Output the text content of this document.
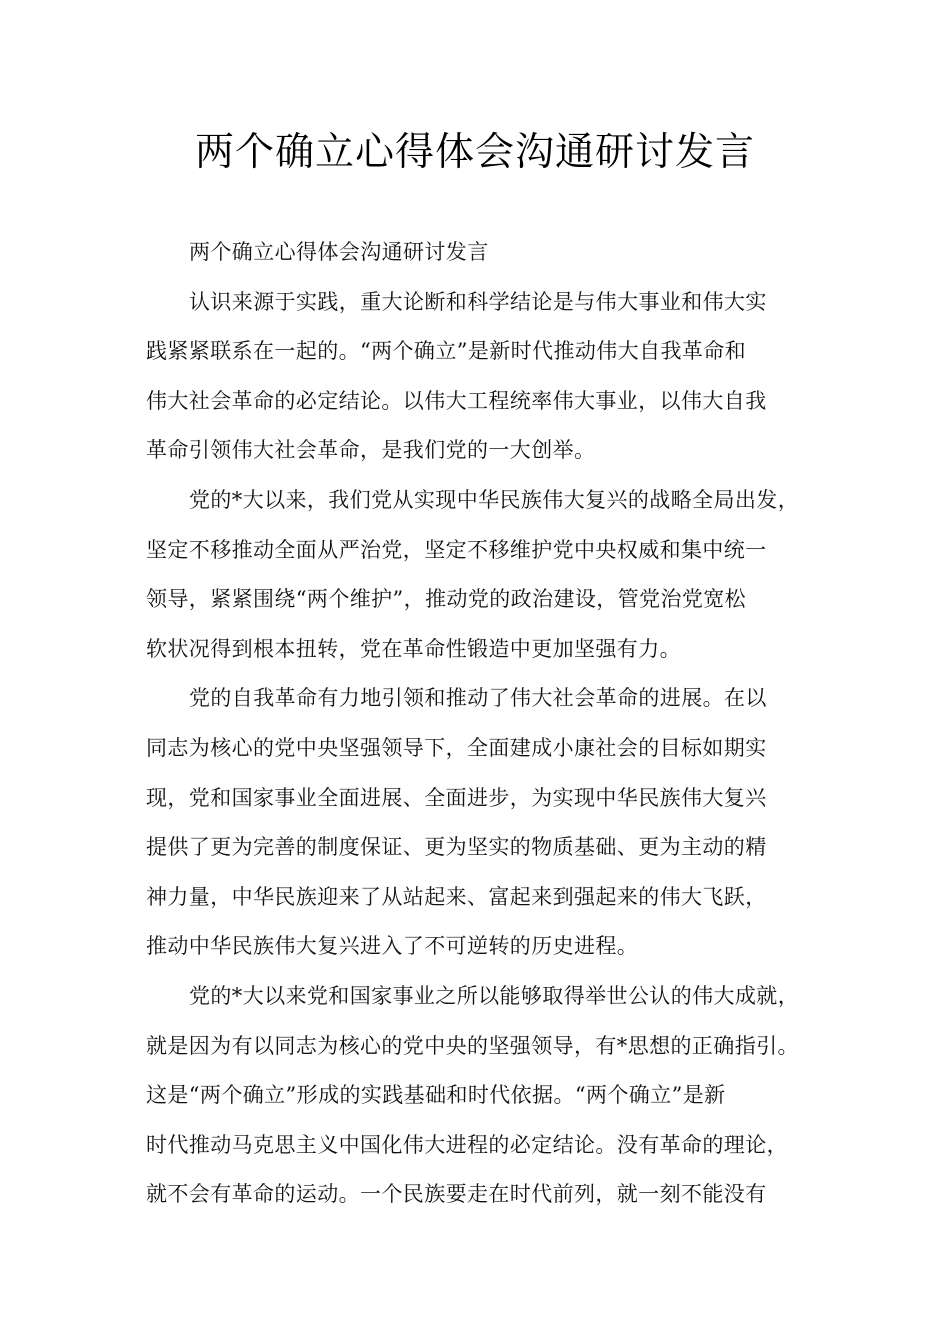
两个确立心得体会沟通研讨发言
两个确立心得体会沟通研讨发言
认识来源于实践，重大论断和科学结论是与伟大事业和伟大实
践紧紧联系在一起的。“两个确立”是新时代推动伟大自我革命和
伟大社会革命的必定结论。以伟大工程统率伟大事业，以伟大自我
革命引领伟大社会革命，是我们党的一大创举。
党的*大以来，我们党从实现中华民族伟大复兴的战略全局出发，
坚定不移推动全面从严治党，坚定不移维护党中央权威和集中统一
领导，紧紧围绕“两个维护”，推动党的政治建设，管党治党宽松
软状况得到根本扭转，党在革命性锻造中更加坚强有力。
党的自我革命有力地引领和推动了伟大社会革命的进展。在以
同志为核心的党中央坚强领导下，全面建成小康社会的目标如期实
现，党和国家事业全面进展、全面进步，为实现中华民族伟大复兴
提供了更为完善的制度保证、更为坚实的物质基础、更为主动的精
神力量，中华民族迎来了从站起来、富起来到强起来的伟大飞跃，
推动中华民族伟大复兴进入了不可逆转的历史进程。
党的*大以来党和国家事业之所以能够取得举世公认的伟大成就，
就是因为有以同志为核心的党中央的坚强领导，有*思想的正确指引。
这是“两个确立”形成的实践基础和时代依据。“两个确立”是新
时代推动马克思主义中国化伟大进程的必定结论。没有革命的理论，
就不会有革命的运动。一个民族要走在时代前列，就一刻不能没有
